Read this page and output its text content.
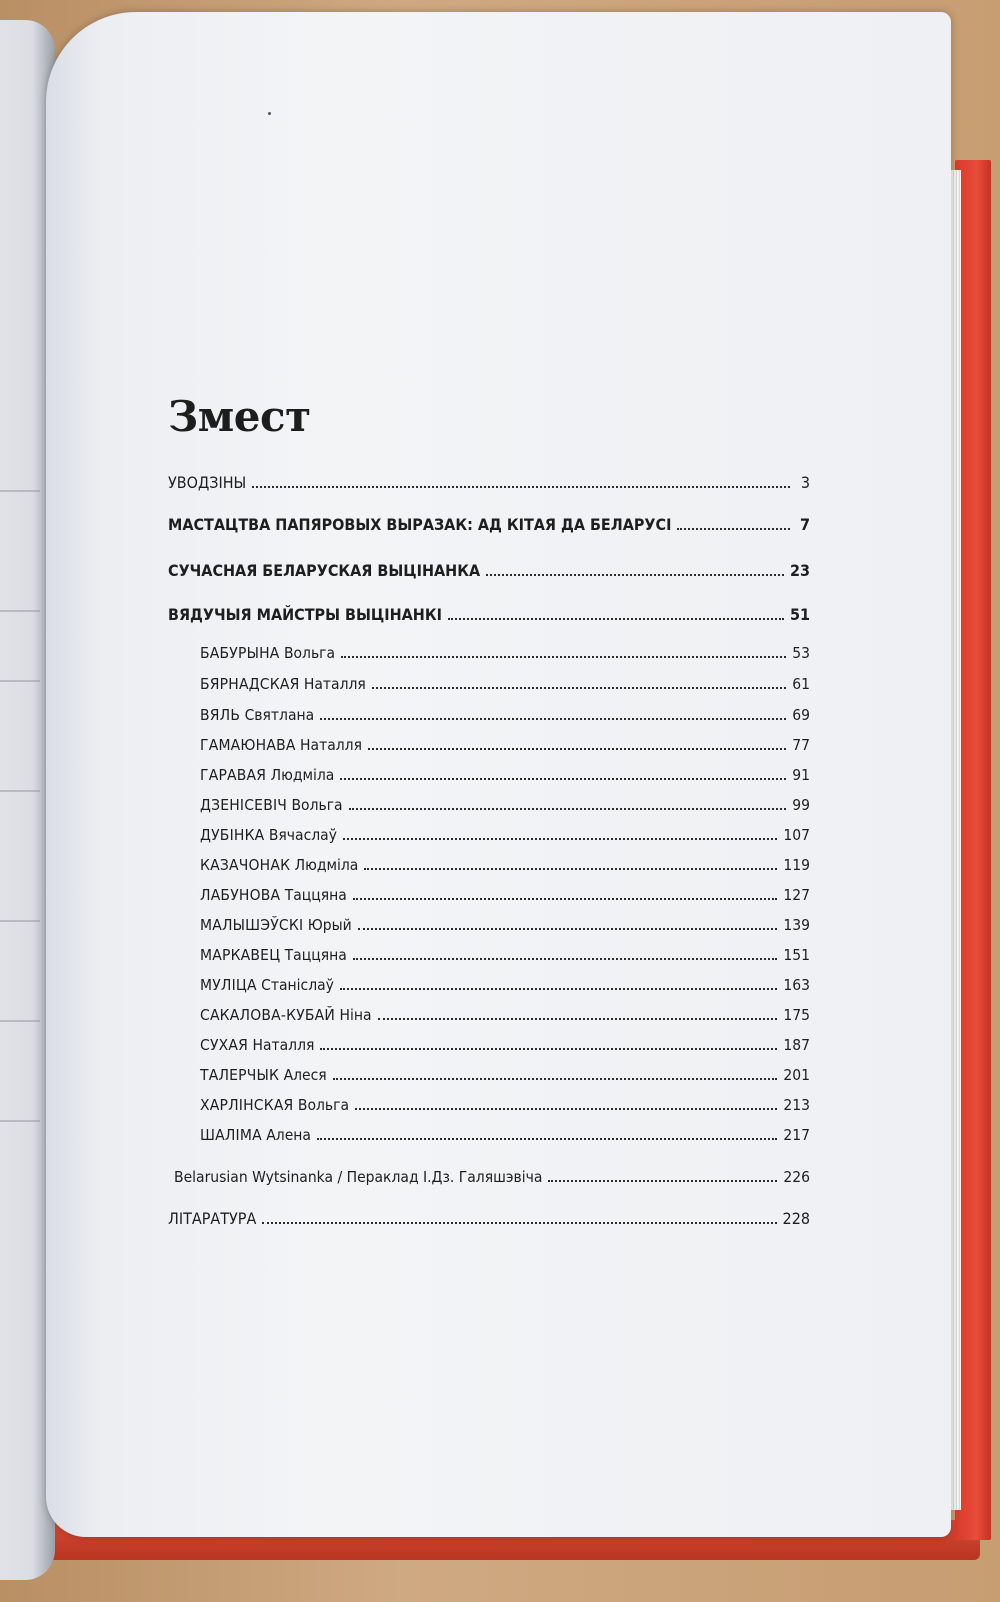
Змест
УВОДЗІНЫ	3
МАСТАЦТВА ПАПЯРОВЫХ ВЫРАЗАК: АД КІТАЯ ДА БЕЛАРУСІ	7
СУЧАСНАЯ БЕЛАРУСКАЯ ВЫЦІНАНКА	23
ВЯДУЧЫЯ МАЙСТРЫ ВЫЦІНАНКІ	51
БАБУРЫНА Вольга	53
БЯРНАДСКАЯ Наталля	61
ВЯЛЬ Святлана	69
ГАМАЮНАВА Наталля	77
ГАРАВАЯ Людміла	91
ДЗЕНІСЕВІЧ Вольга	99
ДУБІНКА Вячаслаў	107
КАЗАЧОНАК Людміла	119
ЛАБУНОВА Таццяна	127
МАЛЫШЭЎСКІ Юрый	139
МАРКАВЕЦ Таццяна	151
МУЛІЦА Станіслаў	163
САКАЛОВА-КУБАЙ Ніна	175
СУХАЯ Наталля	187
ТАЛЕРЧЫК Алеся	201
ХАРЛІНСКАЯ Вольга	213
ШАЛІМА Алена	217
Belarusian Wytsinanka / Пераклад І.Дз. Галяшэвіча	226
ЛІТАРАТУРА	228
